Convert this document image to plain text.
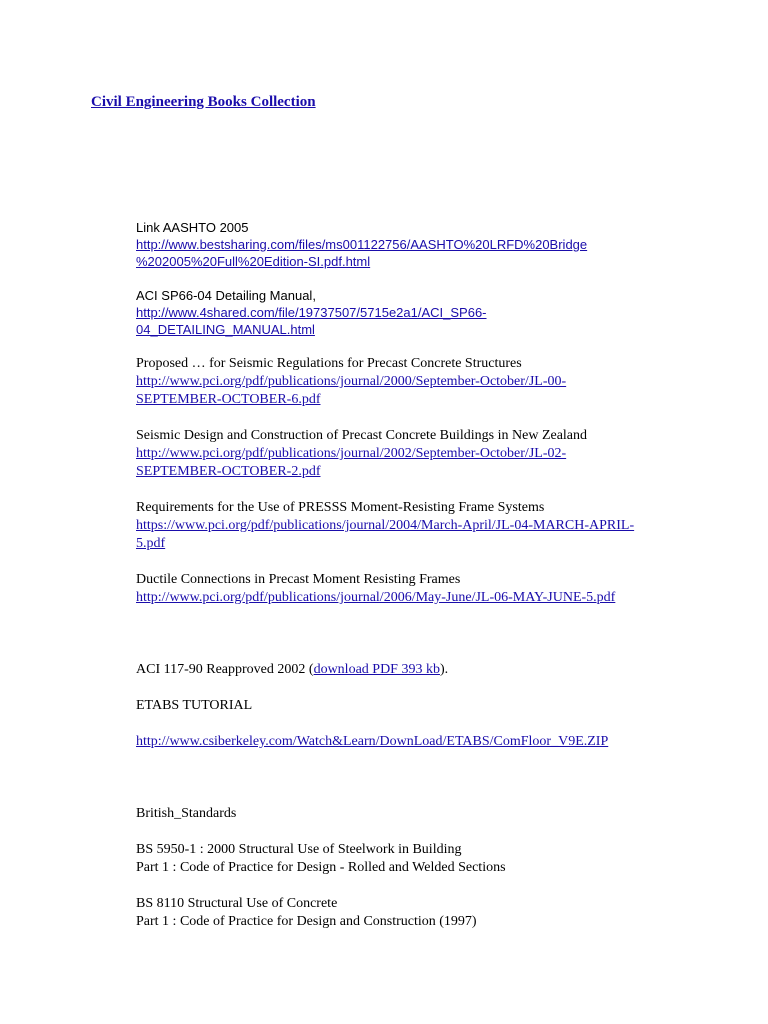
Civil Engineering Books Collection
Link AASHTO 2005
http://www.bestsharing.com/files/ms001122756/AASHTO%20LRFD%20Bridge
%202005%20Full%20Edition-SI.pdf.html
ACI SP66-04 Detailing Manual,
http://www.4shared.com/file/19737507/5715e2a1/ACI_SP66-
04_DETAILING_MANUAL.html
Proposed … for Seismic Regulations for Precast Concrete Structures
http://www.pci.org/pdf/publications/journal/2000/September-October/JL-00-
SEPTEMBER-OCTOBER-6.pdf
Seismic Design and Construction of Precast Concrete Buildings in New Zealand
http://www.pci.org/pdf/publications/journal/2002/September-October/JL-02-
SEPTEMBER-OCTOBER-2.pdf
Requirements for the Use of PRESSS Moment-Resisting Frame Systems
https://www.pci.org/pdf/publications/journal/2004/March-April/JL-04-MARCH-APRIL-
5.pdf
Ductile Connections in Precast Moment Resisting Frames
http://www.pci.org/pdf/publications/journal/2006/May-June/JL-06-MAY-JUNE-5.pdf
ACI 117-90 Reapproved 2002 (download PDF 393 kb).
ETABS TUTORIAL
http://www.csiberkeley.com/Watch&Learn/DownLoad/ETABS/ComFloor_V9E.ZIP
British_Standards
BS 5950-1 : 2000 Structural Use of Steelwork in Building
Part 1 : Code of Practice for Design - Rolled and Welded Sections
BS 8110 Structural Use of Concrete
Part 1 : Code of Practice for Design and Construction (1997)
